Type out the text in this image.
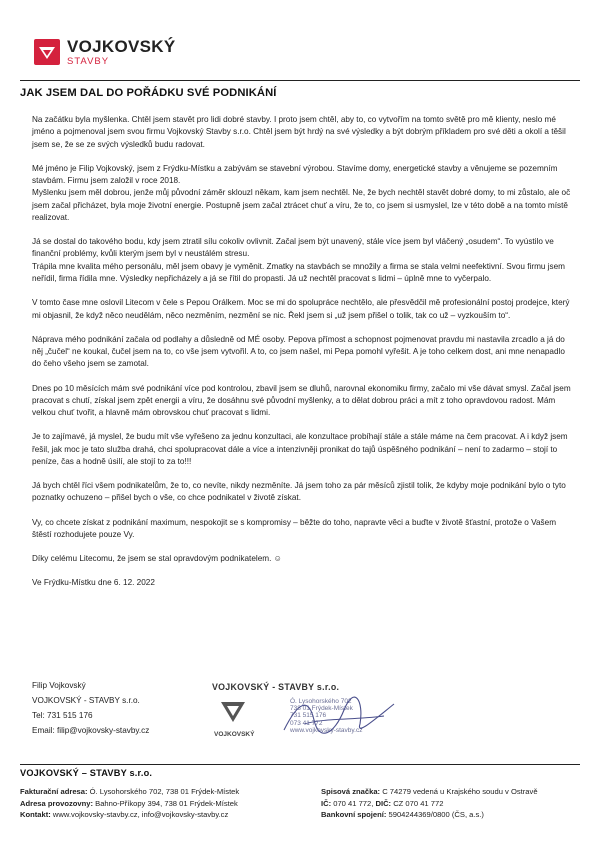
VOJKOVSKÝ
STAVBY
JAK JSEM DAL DO POŘÁDKU SVÉ PODNIKÁNÍ

Na začátku byla myšlenka. Chtěl jsem stavět pro lidi dobré stavby. I proto jsem chtěl, aby to, co vytvořím na tomto světě pro mě klienty, neslo mé jméno a pojmenoval jsem svou firmu Vojkovský Stavby s.r.o. Chtěl jsem být hrdý na své výsledky a být dobrým příkladem pro své děti a okolí a těšil jsem se, že se ze svých výsledků budu radovat.

Mé jméno je Filip Vojkovský, jsem z Frýdku-Místku a zabývám se stavební výrobou. Stavíme domy, energetické stavby a věnujeme se pozemním stavbám. Firmu jsem založil v roce 2018.
Myšlenku jsem měl dobrou, jenže můj původní záměr sklouzl někam, kam jsem nechtěl. Ne, že bych nechtěl stavět dobré domy, to mi zůstalo, ale oč jsem začal přicházet, byla moje životní energie. Postupně jsem začal ztrácet chuť a víru, že to, co jsem si usmyslel, lze v této době a na tomto místě realizovat.

Já se dostal do takového bodu, kdy jsem ztratil sílu cokoliv ovlivnit. Začal jsem být unavený, stále více jsem byl vláčený „osudem“. To vyústilo ve finanční problémy, kvůli kterým jsem byl v neustálém stresu.
Trápila mne kvalita mého personálu, měl jsem obavy je vyměnit. Zmatky na stavbách se množily a firma se stala velmi neefektivní. Svou firmu jsem neřídil, firma řídila mne. Výsledky nepřicházely a já se řítil do propasti. Já už nechtěl pracovat s lidmi – úplně mne to vyčerpalo.

V tomto čase mne oslovil Litecom v čele s Pepou Orálkem. Moc se mi do spolupráce nechtělo, ale přesvědčil mě profesionální postoj prodejce, který mi objasnil, že když něco neudělám, něco nezměním, nezmění se nic. Řekl jsem si „už jsem přišel o tolik, tak co už – vyzkouším to“.

Náprava mého podnikání začala od podlahy a důsledně od MÉ osoby. Pepova přímost a schopnost pojmenovat pravdu mi nastavila zrcadlo a já do něj „čučel“ ne koukal, čučel jsem na to, co vše jsem vytvořil. A to, co jsem našel, mi Pepa pomohl vyřešit. A je toho celkem dost, ani mne nenapadlo do čeho všeho jsem se zamotal.

Dnes po 10 měsících mám své podnikání více pod kontrolou, zbavil jsem se dluhů, narovnal ekonomiku firmy, začalo mi vše dávat smysl. Začal jsem pracovat s chutí, získal jsem zpět energii a víru, že dosáhnu své původní myšlenky, a to dělat dobrou práci a mít z toho opravdovou radost. Mám velkou chuť tvořit, a hlavně mám obrovskou chuť pracovat s lidmi.

Je to zajímavé, já myslel, že budu mít vše vyřešeno za jednu konzultaci, ale konzultace probíhají stále a stále máme na čem pracovat. A i když jsem řešil, jak moc je tato služba drahá, chci spolupracovat dále a více a intenzivněji pronikat do tajů úspěšného podnikání – není to zadarmo – stojí to peníze, čas a hodně úsilí, ale stojí to za to!!!

Já bych chtěl říci všem podnikatelům, že to, co nevíte, nikdy nezměníte. Já jsem toho za pár měsíců zjistil tolik, že kdyby moje podnikání bylo o tyto poznatky ochuzeno – přišel bych o vše, co chce podnikatel v životě získat.

Vy, co chcete získat z podnikání maximum, nespokojit se s kompromisy – běžte do toho, napravte věci a buďte v životě šťastní, protože o Vašem štěstí rozhodujete pouze Vy.

Díky celému Litecomu, že jsem se stal opravdovým podnikatelem. ☺

Ve Frýdku-Místku dne 6. 12. 2022

Filip Vojkovský
VOJKOVSKÝ - STAVBY s.r.o.
Tel: 731 515 176
Email: filip@vojkovsky-stavby.cz
VOJKOVSKÝ - STAVBY s.r.o.
Ó. Lysohorského 702
738 01 Frýdek-Místek
731 515 176
073 41 772
www.vojkovsky-stavby.cz
VOJKOVSKÝ
VOJKOVSKÝ – STAVBY s.r.o.
Fakturační adresa: Ó. Lysohorského 702, 738 01 Frýdek-Místek
Adresa provozovny: Bahno-Příkopy 394, 738 01 Frýdek-Místek
Kontakt: www.vojkovsky-stavby.cz, info@vojkovsky-stavby.cz
Spisová značka: C 74279 vedená u Krajského soudu v Ostravě
IČ: 070 41 772, DIČ: CZ 070 41 772
Bankovní spojení: 5904244369/0800 (ČS, a.s.)
